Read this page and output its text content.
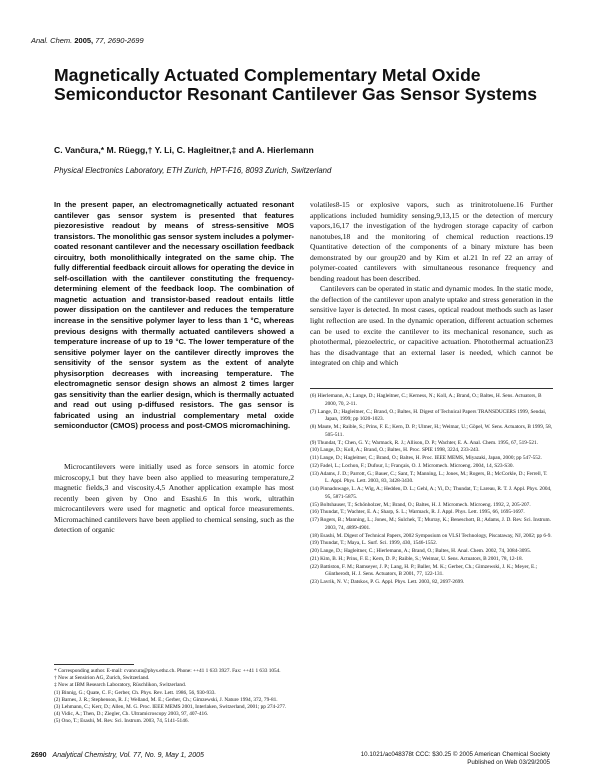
Anal. Chem. 2005, 77, 2690-2699
Magnetically Actuated Complementary Metal Oxide Semiconductor Resonant Cantilever Gas Sensor Systems
C. Vančura,* M. Rüegg,† Y. Li, C. Hagleitner,‡ and A. Hierlemann
Physical Electronics Laboratory, ETH Zurich, HPT-F16, 8093 Zurich, Switzerland
In the present paper, an electromagnetically actuated resonant cantilever gas sensor system is presented that features piezoresistive readout by means of stress-sensitive MOS transistors. The monolithic gas sensor system includes a polymer-coated resonant cantilever and the necessary oscillation feedback circuitry, both monolithically integrated on the same chip. The fully differential feedback circuit allows for operating the device in self-oscillation with the cantilever constituting the frequency-determining element of the feedback loop. The combination of magnetic actuation and transistor-based readout entails little power dissipation on the cantilever and reduces the temperature increase in the sensitive polymer layer to less than 1 °C, whereas previous designs with thermally actuated cantilevers showed a temperature increase of up to 19 °C. The lower temperature of the sensitive polymer layer on the cantilever directly improves the sensitivity of the sensor system as the extent of analyte physisorption decreases with increasing temperature. The electromagnetic sensor design shows an almost 2 times larger gas sensitivity than the earlier design, which is thermally actuated and read out using p-diffused resistors. The gas sensor is fabricated using an industrial complementary metal oxide semiconductor (CMOS) process and post-CMOS micromachining.
Microcantilevers were initially used as force sensors in atomic force microscopy,1 but they have been also applied to measuring temperature,2 magnetic fields,3 and viscosity.4,5 Another application example has most recently been given by Ono and Esashi.6 In this work, ultrathin microcantilevers were used for magnetic and optical force measurements. Micromachined cantilevers have been applied to chemical sensing, such as the detection of organic

volatiles8-15 or explosive vapors, such as trinitrotoluene.16 Further applications included humidity sensing,9,13,15 or the detection of mercury vapors,16,17 the investigation of the hydrogen storage capacity of carbon nanotubes,18 and the monitoring of chemical reduction reactions.19 Quantitative detection of the components of a binary mixture has been demonstrated by our group20 and by Kim et al.21 In ref 22 an array of polymer-coated cantilevers with simultaneous resonance frequency and bending readout has been described.

Cantilevers can be operated in static and dynamic modes. In the static mode, the deflection of the cantilever upon analyte uptake and stress generation in the sensitive layer is detected. In most cases, optical readout methods such as laser light reflection are used. In the dynamic operation, different actuation schemes can be used to excite the cantilever to its mechanical resonance, such as photothermal, piezoelectric, or capacitive actuation. Photothermal actuation23 has the disadvantage that an external laser is needed, which cannot be integrated on chip and which

* Corresponding author. E-mail: cvancura@phys.ethz.ch. Phone: ++41 1 633 3927. Fax: ++41 1 633 1054.
† Now at Sensirion AG, Zurich, Switzerland.
‡ Now at IBM Research Laboratory, Rüschlikon, Switzerland.
(1) Binnig, G.; Quate, C. F.; Gerber, Ch. Phys. Rev. Lett. 1986, 56, 930-933.
(2) Barnes, J. R.; Stephenson, R. J.; Welland, M. E.; Gerber, Ch.; Gimzewski, J. Nature 1994, 372, 79-81.
(3) Lehmann, C.; Kerr, D.; Allen, M. G. Proc. IEEE MEMS 2001, Interlaken, Switzerland, 2001; pp 274-277.
(4) Vidic, A.; Then, D.; Ziegler, Ch. Ultramicroscopy 2003, 97, 407-416.
(5) Ono, T.; Esashi, M. Rev. Sci. Instrum. 2003, 74, 5141-5146.
(6) Hierlemann, A.; Lange, D.; Hagleitner, C.; Kerness, N.; Koll, A.; Brand, O.; Baltes, H. Sens. Actuators, B 2000, 70, 2-11.
(7) Lange, D.; Hagleitner, C.; Brand, O.; Baltes, H. Digest of Technical Papers TRANSDUCERS 1999, Sendai, Japan, 1999; pp 1020-1023.
(8) Maute, M.; Raible, S.; Prins, F. E.; Kern, D. P.; Ulmer, H.; Weimar, U.; Göpel, W. Sens. Actuators, B 1999, 58, 505-511.
(9) Thundat, T.; Chen, G. Y.; Warmack, R. J.; Allison, D. P.; Wachter, E. A. Anal. Chem. 1995, 67, 519-521.
(10) Lange, D.; Koll, A.; Brand, O.; Baltes, H. Proc. SPIE 1998, 3224, 233-243.
(11) Lange, D.; Hagleitner, C.; Brand, O.; Baltes, H. Proc. IEEE MEMS, Miyazaki, Japan, 2000; pp 547-552.
(12) Fadel, L.; Lochon, F.; Dufour, I.; Français, O. J. Micromech. Microeng. 2004, 14, S23-S30.
(13) Adams, J. D.; Parrott, G.; Bauer, C.; Sant, T.; Manning, L.; Jones, M.; Rogers, B.; McCorkle, D.; Ferrell, T. L. Appl. Phys. Lett. 2003, 83, 3428-3430.
(14) Pinnaduwage, L. A.; Wig, A.; Hedden, D. L.; Gehl, A.; Yi, D.; Thundat, T.; Lareau, R. T. J. Appl. Phys. 2004, 95, 5871-5875.
(15) Boltshauser, T.; Schönholzer, M.; Brand, O.; Baltes, H. J. Micromech. Microeng. 1992, 2, 205-207.
(16) Thundat, T.; Wachter, E. A.; Sharp, S. L.; Warmack, R. J. Appl. Phys. Lett. 1995, 66, 1695-1697.
(17) Rogers, B.; Manning, L.; Jones, M.; Sulchek, T.; Murray, K.; Beneschott, B.; Adams, J. D. Rev. Sci. Instrum. 2003, 74, 4899-4901.
(18) Esashi, M. Digest of Technical Papers, 2002 Symposium on VLSI Technology, Piscataway, NJ, 2002; pp 6-9.
(19) Thundat, T.; Maya, L. Surf. Sci. 1999, 430, 1546-1552.
(20) Lange, D.; Hagleitner, C.; Hierlemann, A.; Brand, O.; Baltes, H. Anal. Chem. 2002, 74, 3084-3095.
(21) Kim, B. H.; Prins, F. E.; Kern, D. P.; Raible, S.; Weimar, U. Sens. Actuators, B 2001, 78, 12-18.
(22) Battiston, F. M.; Ramseyer, J. P.; Lang, H. P.; Baller, M. K.; Gerber, Ch.; Gimzewski, J. K.; Meyer, E.; Güntherodt, H. J. Sens. Actuators, B 2001, 77, 122-131.
(23) Lavrik, N. V.; Datskos, P. G. Appl. Phys. Lett. 2003, 82, 2697-2699.
2690 Analytical Chemistry, Vol. 77, No. 9, May 1, 2005	10.1021/ac048378t CCC: $30.25 © 2005 American Chemical Society
Published on Web 03/29/2005
